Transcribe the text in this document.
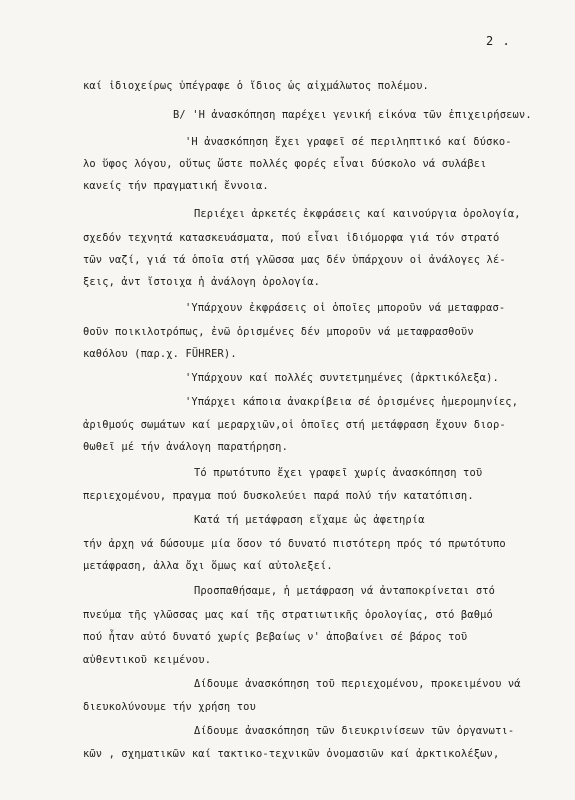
2 .
καί ἰδιοχείρως ὑπέγραφε ὁ ἴδιος ὡς αἰχμάλωτος πολέμου.
B/ 'Η ἀνασκόπηση παρέχει γενική εἰκόνα τῶν ἐπιχειρήσεων.
'Η ἀνασκόπηση ἔχει γραφεῖ σέ περιληπτικό καί δύσκο-
λο ὕφος λόγου, οὕτως ὥστε πολλές φορές εἶναι δύσκολο νά συλάβει
κανείς τήν πραγματική ἔννοια.
Περιέχει ἀρκετές ἐκφράσεις καί καινούργια ὀρολογία,
σχεδόν τεχνητά κατασκευάσματα, πού εἶναι ἰδιόμορφα γιά τόν στρατό
τῶν ναζί, γιά τά ὁποῖα στή γλῶσσα μας δέν ὑπάρχουν οἱ ἀνάλογες λέ-
ξεις, ἀντ ἴστοιχα ἡ ἀνάλογη ὀρολογία.
'Υπάρχουν ἐκφράσεις οἱ ὁποῖες μποροῦν νά μεταφρασ-
θοῦν ποικιλοτρόπως, ἐνῶ ὁρισμένες δέν μποροῦν νά μεταφρασθοῦν
καθόλου (παρ.χ. FÜHRER).
'Υπάρχουν καί πολλές συντετμημένες (ἀρκτικόλεξα).
'Υπάρχει κάποια ἀνακρίβεια σέ ὁρισμένες ἡμερομηνίες,
ἀριθμούς σωμάτων καί μεραρχιῶν,οἱ ὁποῖες στή μετάφραση ἔχουν διορ-
θωθεῖ μέ τήν ἀνάλογη παρατήρηση.
Τό πρωτότυπο ἔχει γραφεῖ χωρίς ἀνασκόπηση τοῦ
περιεχομένου, πραγμα πού δυσκολεύει παρά πολύ τήν κατατόπιση.
Κατά τή μετάφραση εἴχαμε ὡς ἀφετηρία
τήν ἀρχη νά δώσουμε μία ὅσον τό δυνατό πιστότερη πρός τό πρωτότυπο
μετάφραση, ἀλλα ὄχι ὅμως καί αὐτολεξεί.
Προσπαθήσαμε, ἡ μετάφραση νά ἀνταποκρίνεται στό
πνεύμα τῆς γλῶσσας μας καί τῆς στρατιωτικῆς ὁρολογίας, στό βαθμό
πού ἦταν αὐτό δυνατό χωρίς βεβαίως ν' ἀποβαίνει σέ βάρος τοῦ
αὐθεντικοῦ κειμένου.
Δίδουμε ἀνασκόπηση τοῦ περιεχομένου, προκειμένου νά
διευκολύνουμε τήν χρήση του
Δίδουμε ἀνασκόπηση τῶν διευκρινίσεων τῶν ὀργανωτι-
κῶν , σχηματικῶν καί τακτικο-τεχνικῶν ὀνομασιῶν καί ἀρκτικολέξων,
